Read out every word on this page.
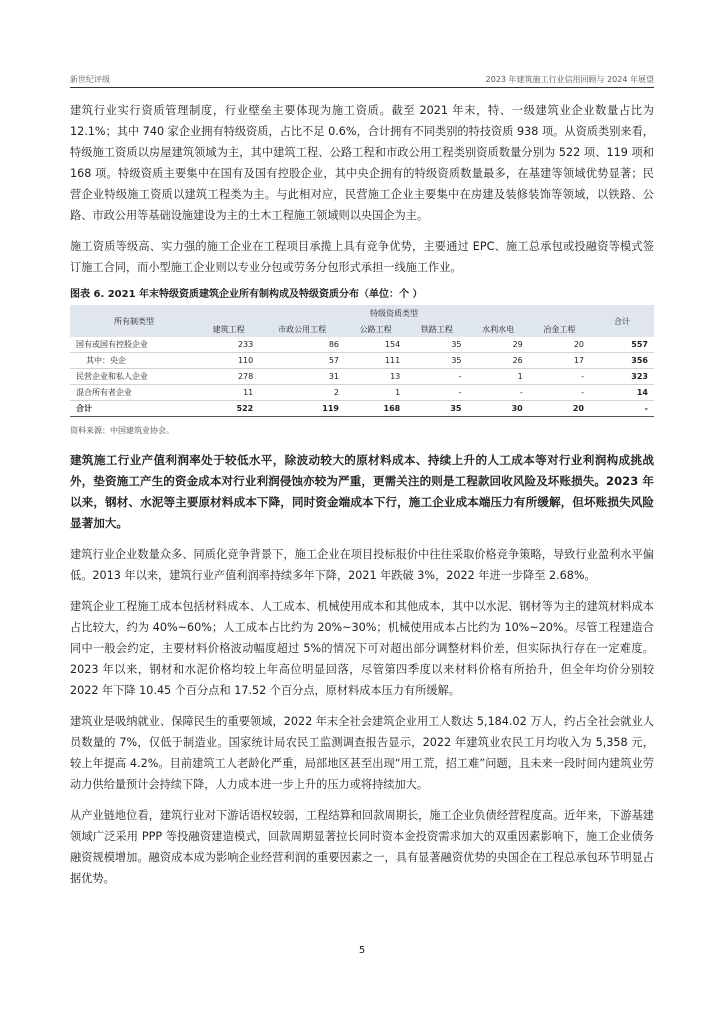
新世纪评级	2023 年建筑施工行业信用回顾与 2024 年展望

建筑行业实行资质管理制度，行业壁垒主要体现为施工资质。截至 2021 年末，特、一级建筑业企业数量占比为 12.1%；其中 740 家企业拥有特级资质，占比不足 0.6%，合计拥有不同类别的特技资质 938 项。从资质类别来看，特级施工资质以房屋建筑领域为主，其中建筑工程、公路工程和市政公用工程类别资质数量分别为 522 项、119 项和 168 项。特级资质主要集中在国有及国有控股企业，其中央企拥有的特级资质数量最多，在基建等领域优势显著；民营企业特级施工资质以建筑工程类为主。与此相对应，民营施工企业主要集中在房建及装修装饰等领域，以铁路、公路、市政公用等基础设施建设为主的土木工程施工领域则以央国企为主。

施工资质等级高、实力强的施工企业在工程项目承揽上具有竞争优势，主要通过 EPC、施工总承包或投融资等模式签订施工合同，而小型施工企业则以专业分包或劳务分包形式承担一线施工作业。

图表 6. 2021 年末特级资质建筑企业所有制构成及特级资质分布（单位：个 ）
所有制类型	特级资质类型						合计
	建筑工程	市政公用工程	公路工程	铁路工程	水利水电	冶金工程	
国有或国有控股企业	233	86	154	35	29	20	557
其中：央企	110	57	111	35	26	17	356
民营企业和私人企业	278	31	13	-	1	-	323
混合所有者企业	11	2	1	-	-	-	14
合计	522	119	168	35	30	20	-
资料来源：中国建筑业协会。

建筑施工行业产值利润率处于较低水平，除波动较大的原材料成本、持续上升的人工成本等对行业利润构成挑战外，垫资施工产生的资金成本对行业利润侵蚀亦较为严重，更需关注的则是工程款回收风险及坏账损失。2023 年以来，钢材、水泥等主要原材料成本下降，同时资金端成本下行，施工企业成本端压力有所缓解，但坏账损失风险显著加大。

建筑行业企业数量众多、同质化竞争背景下，施工企业在项目投标报价中往往采取价格竞争策略，导致行业盈利水平偏低。2013 年以来，建筑行业产值利润率持续多年下降，2021 年跌破 3%，2022 年进一步降至 2.68%。

建筑企业工程施工成本包括材料成本、人工成本、机械使用成本和其他成本，其中以水泥、钢材等为主的建筑材料成本占比较大，约为 40%~60%；人工成本占比约为 20%~30%；机械使用成本占比约为 10%~20%。尽管工程建造合同中一般会约定，主要材料价格波动幅度超过 5%的情况下可对超出部分调整材料价差，但实际执行存在一定难度。2023 年以来，钢材和水泥价格均较上年高位明显回落，尽管第四季度以来材料价格有所抬升，但全年均价分别较 2022 年下降 10.45 个百分点和 17.52 个百分点，原材料成本压力有所缓解。

建筑业是吸纳就业、保障民生的重要领域，2022 年末全社会建筑企业用工人数达 5,184.02 万人，约占全社会就业人员数量的 7%，仅低于制造业。国家统计局农民工监测调查报告显示，2022 年建筑业农民工月均收入为 5,358 元，较上年提高 4.2%。目前建筑工人老龄化严重，局部地区甚至出现“用工荒，招工难”问题，且未来一段时间内建筑业劳动力供给量预计会持续下降，人力成本进一步上升的压力或将持续加大。

从产业链地位看，建筑行业对下游话语权较弱，工程结算和回款周期长，施工企业负债经营程度高。近年来，下游基建领域广泛采用 PPP 等投融资建造模式，回款周期显著拉长同时资本金投资需求加大的双重因素影响下，施工企业债务融资规模增加。融资成本成为影响企业经营利润的重要因素之一，具有显著融资优势的央国企在工程总承包环节明显占据优势。

5
